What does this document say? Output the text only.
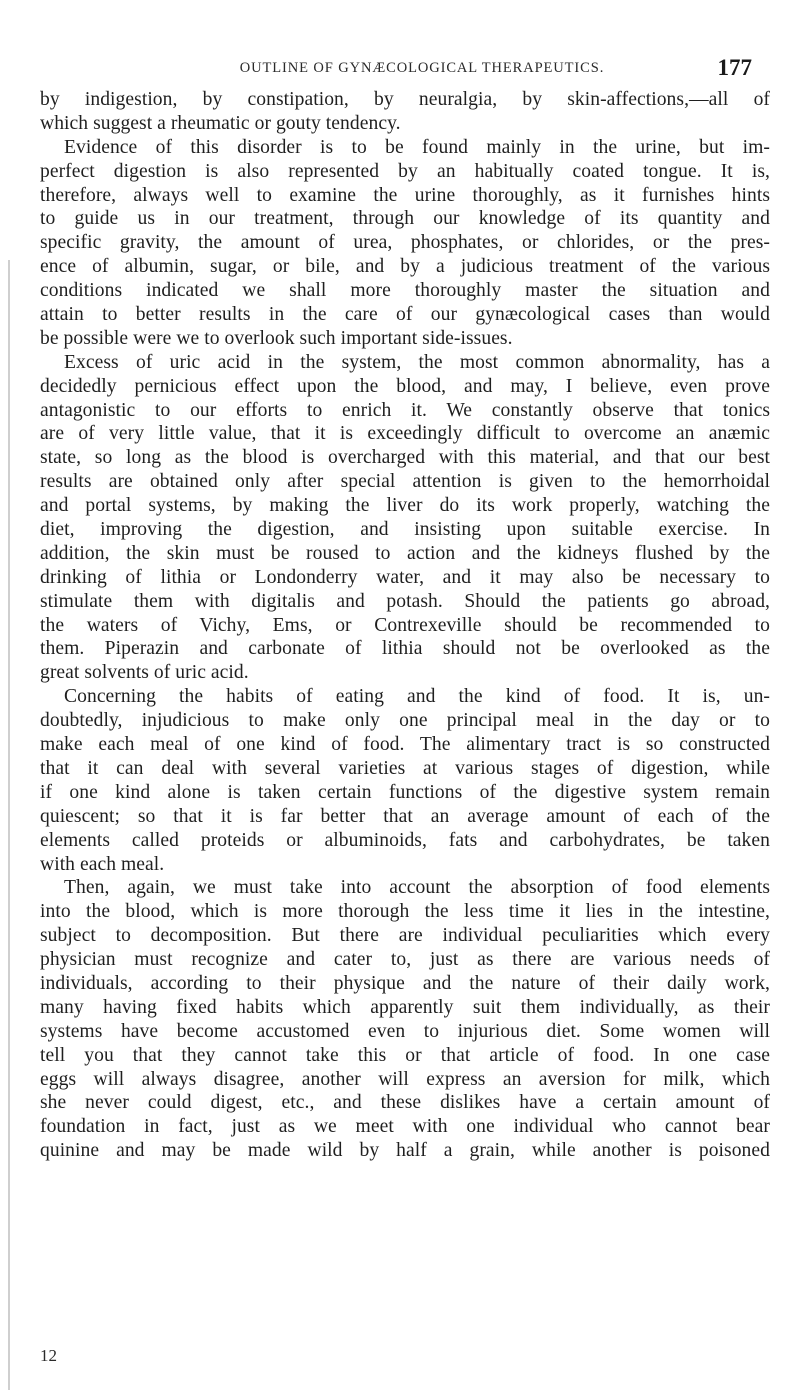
OUTLINE OF GYNÆCOLOGICAL THERAPEUTICS.	177
by indigestion, by constipation, by neuralgia, by skin-affections,—all of
which suggest a rheumatic or gouty tendency.
Evidence of this disorder is to be found mainly in the urine, but im-
perfect digestion is also represented by an habitually coated tongue. It is,
therefore, always well to examine the urine thoroughly, as it furnishes hints
to guide us in our treatment, through our knowledge of its quantity and
specific gravity, the amount of urea, phosphates, or chlorides, or the pres-
ence of albumin, sugar, or bile, and by a judicious treatment of the various
conditions indicated we shall more thoroughly master the situation and
attain to better results in the care of our gynæcological cases than would
be possible were we to overlook such important side-issues.
Excess of uric acid in the system, the most common abnormality, has a
decidedly pernicious effect upon the blood, and may, I believe, even prove
antagonistic to our efforts to enrich it. We constantly observe that tonics
are of very little value, that it is exceedingly difficult to overcome an anæmic
state, so long as the blood is overcharged with this material, and that our best
results are obtained only after special attention is given to the hemorrhoidal
and portal systems, by making the liver do its work properly, watching the
diet, improving the digestion, and insisting upon suitable exercise. In
addition, the skin must be roused to action and the kidneys flushed by the
drinking of lithia or Londonderry water, and it may also be necessary to
stimulate them with digitalis and potash. Should the patients go abroad,
the waters of Vichy, Ems, or Contrexeville should be recommended to
them. Piperazin and carbonate of lithia should not be overlooked as the
great solvents of uric acid.
Concerning the habits of eating and the kind of food. It is, un-
doubtedly, injudicious to make only one principal meal in the day or to
make each meal of one kind of food. The alimentary tract is so constructed
that it can deal with several varieties at various stages of digestion, while
if one kind alone is taken certain functions of the digestive system remain
quiescent; so that it is far better that an average amount of each of the
elements called proteids or albuminoids, fats and carbohydrates, be taken
with each meal.
Then, again, we must take into account the absorption of food elements
into the blood, which is more thorough the less time it lies in the intestine,
subject to decomposition. But there are individual peculiarities which every
physician must recognize and cater to, just as there are various needs of
individuals, according to their physique and the nature of their daily work,
many having fixed habits which apparently suit them individually, as their
systems have become accustomed even to injurious diet. Some women will
tell you that they cannot take this or that article of food. In one case
eggs will always disagree, another will express an aversion for milk, which
she never could digest, etc., and these dislikes have a certain amount of
foundation in fact, just as we meet with one individual who cannot bear
quinine and may be made wild by half a grain, while another is poisoned
12
